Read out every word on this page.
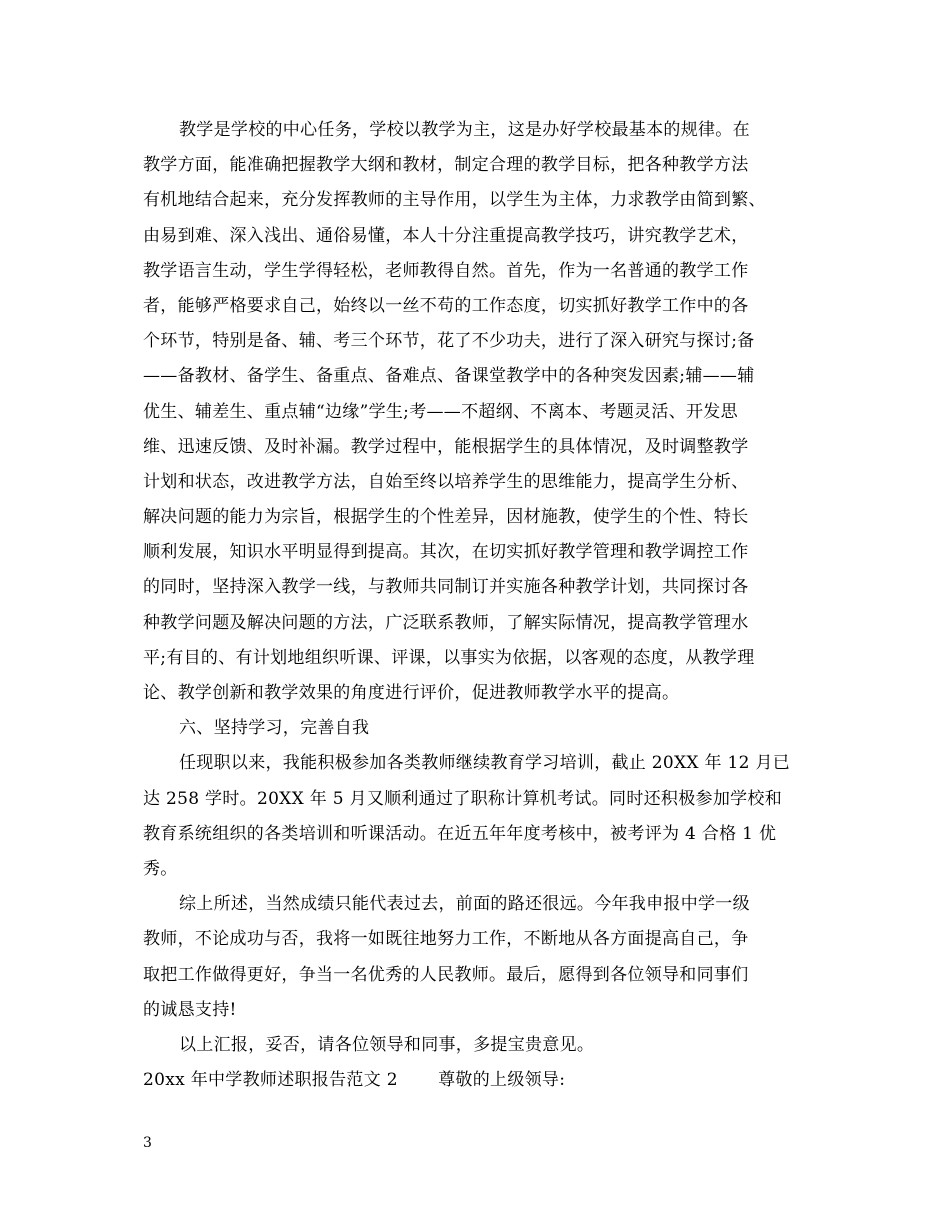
教学是学校的中心任务，学校以教学为主，这是办好学校最基本的规律。在
教学方面，能准确把握教学大纲和教材，制定合理的教学目标，把各种教学方法
有机地结合起来，充分发挥教师的主导作用，以学生为主体，力求教学由简到繁、
由易到难、深入浅出、通俗易懂，本人十分注重提高教学技巧，讲究教学艺术，
教学语言生动，学生学得轻松，老师教得自然。首先，作为一名普通的教学工作
者，能够严格要求自己，始终以一丝不苟的工作态度，切实抓好教学工作中的各
个环节，特别是备、辅、考三个环节，花了不少功夫，进行了深入研究与探讨;备
——备教材、备学生、备重点、备难点、备课堂教学中的各种突发因素;辅——辅
优生、辅差生、重点辅“边缘”学生;考——不超纲、不离本、考题灵活、开发思
维、迅速反馈、及时补漏。教学过程中，能根据学生的具体情况，及时调整教学
计划和状态，改进教学方法，自始至终以培养学生的思维能力，提高学生分析、
解决问题的能力为宗旨，根据学生的个性差异，因材施教，使学生的个性、特长
顺利发展，知识水平明显得到提高。其次，在切实抓好教学管理和教学调控工作
的同时，坚持深入教学一线，与教师共同制订并实施各种教学计划，共同探讨各
种教学问题及解决问题的方法，广泛联系教师，了解实际情况，提高教学管理水
平;有目的、有计划地组织听课、评课，以事实为依据，以客观的态度，从教学理
论、教学创新和教学效果的角度进行评价，促进教师教学水平的提高。
六、坚持学习，完善自我
任现职以来，我能积极参加各类教师继续教育学习培训，截止 20XX 年 12 月已
达 258 学时。20XX 年 5 月又顺利通过了职称计算机考试。同时还积极参加学校和
教育系统组织的各类培训和听课活动。在近五年年度考核中，被考评为 4 合格 1 优
秀。
综上所述，当然成绩只能代表过去，前面的路还很远。今年我申报中学一级
教师，不论成功与否，我将一如既往地努力工作，不断地从各方面提高自己，争
取把工作做得更好，争当一名优秀的人民教师。最后，愿得到各位领导和同事们
的诚恳支持!
以上汇报，妥否，请各位领导和同事，多提宝贵意见。
20xx 年中学教师述职报告范文 2　　 尊敬的上级领导:
3
